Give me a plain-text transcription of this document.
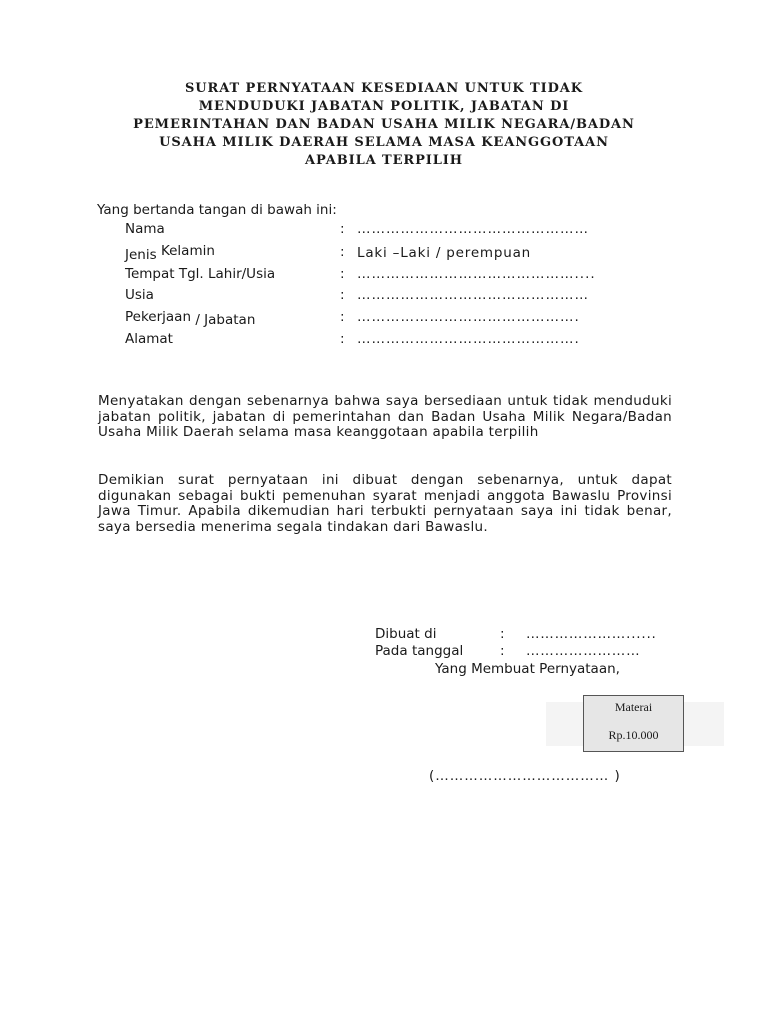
SURAT PERNYATAAN KESEDIAAN UNTUK TIDAK
MENDUDUKI JABATAN POLITIK, JABATAN DI
PEMERINTAHAN DAN BADAN USAHA MILIK NEGARA/BADAN
USAHA MILIK DAERAH SELAMA MASA KEANGGOTAAN
APABILA TERPILIH
Yang bertanda tangan di bawah ini:
Nama	: …………………………………………
Jenis Kelamin	: Laki –Laki / perempuan
Tempat Tgl. Lahir/Usia	: ………………………………………....
Usia	: …………………………………………
Pekerjaan / Jabatan	: ……………………………………….
Alamat	: ……………………………………….
Menyatakan dengan sebenarnya bahwa saya bersediaan untuk tidak menduduki jabatan politik, jabatan di pemerintahan dan Badan Usaha Milik Negara/Badan Usaha Milik Daerah selama masa keanggotaan apabila terpilih
Demikian surat pernyataan ini dibuat dengan sebenarnya, untuk dapat digunakan sebagai bukti pemenuhan syarat menjadi anggota Bawaslu Provinsi Jawa Timur. Apabila dikemudian hari terbukti pernyataan saya ini tidak benar, saya bersedia menerima segala tindakan dari Bawaslu.
Dibuat di	: …………………......
Pada tanggal	: ……………………
Yang Membuat Pernyataan,
Materai
Rp.10.000
(……………………………… )
